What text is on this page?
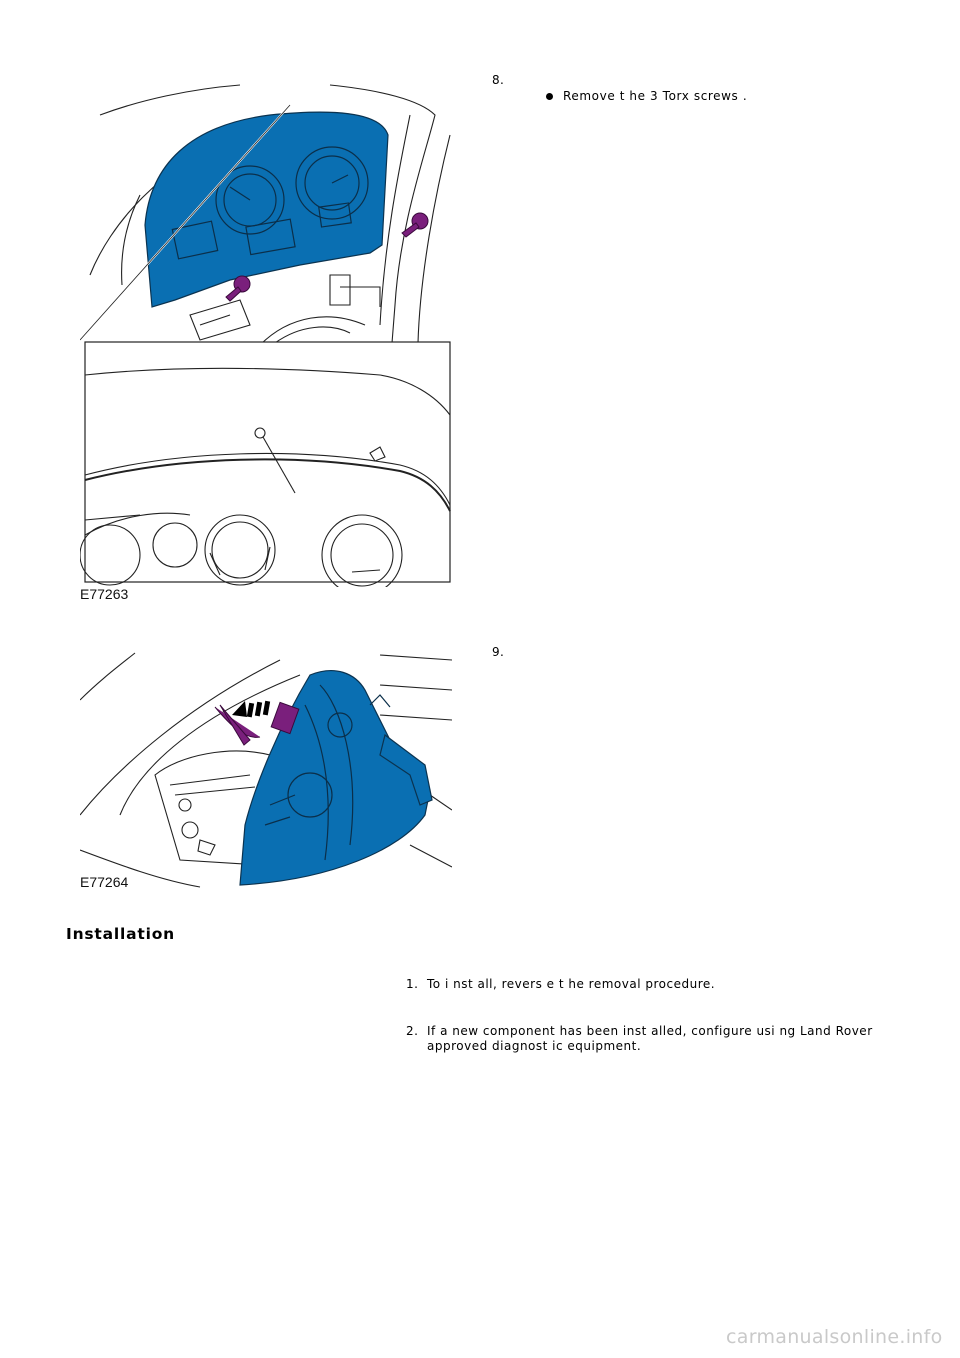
E77263
8.
Remove t he 3 Torx screws .
E77264
9.
Installation
1. To i nst all, revers e t he removal procedure.
2. If a new component has been inst alled, configure usi ng Land Rover approved diagnost ic equipment.
carmanualsonline.info
